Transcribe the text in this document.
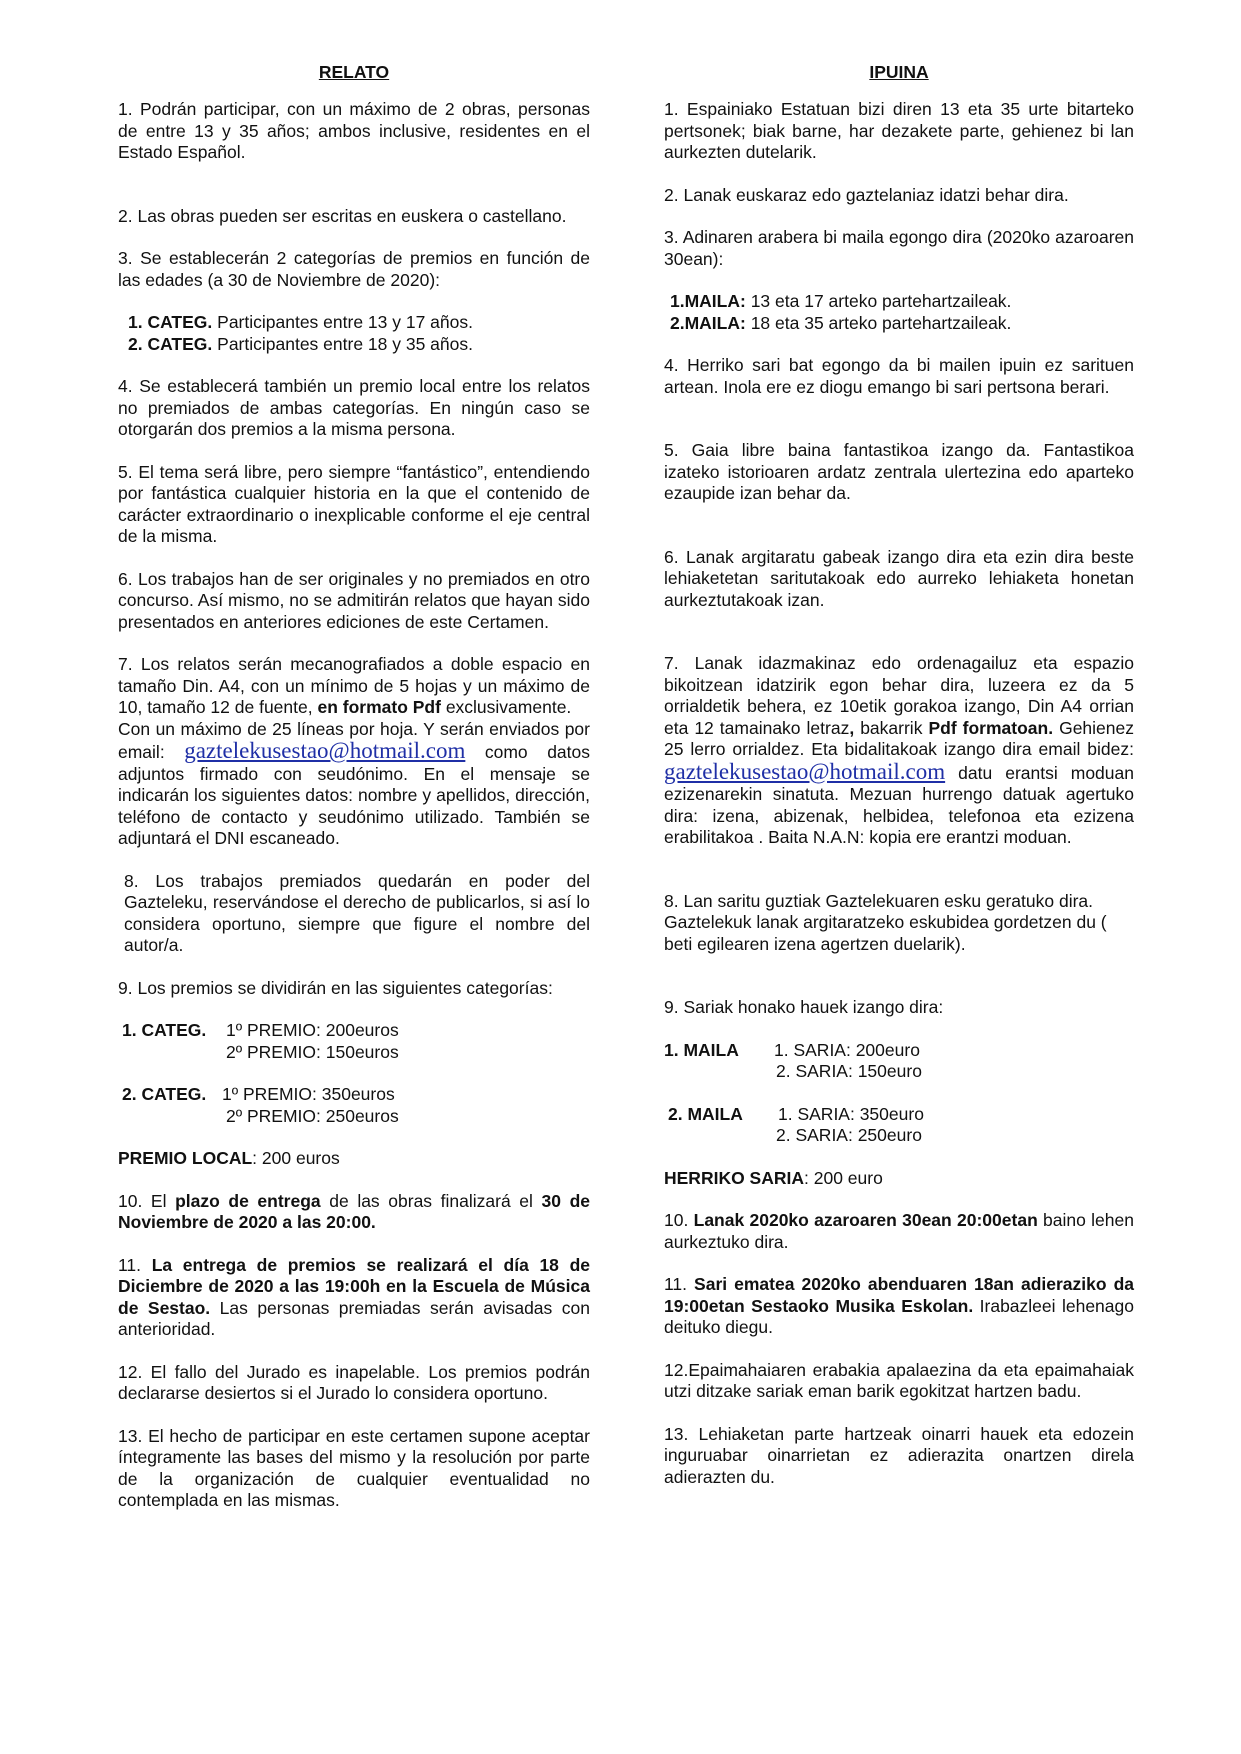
RELATO

1. Podrán participar, con un máximo de 2 obras, personas de entre 13 y 35 años; ambos inclusive, residentes en el Estado Español.

2. Las obras pueden ser escritas en euskera o castellano.

3. Se establecerán 2 categorías de premios en función de las edades (a 30 de Noviembre de 2020):

1. CATEG. Participantes entre 13 y 17 años.
2. CATEG. Participantes entre 18 y 35 años.

4. Se establecerá también un premio local entre los relatos no premiados de ambas categorías. En ningún caso se otorgarán dos premios a la misma persona.

5. El tema será libre, pero siempre “fantástico”, entendiendo por fantástica cualquier historia en la que el contenido de carácter extraordinario o inexplicable conforme el eje central de la misma.

6. Los trabajos han de ser originales y no premiados en otro concurso. Así mismo, no se admitirán relatos que hayan sido presentados en anteriores ediciones de este Certamen.

7. Los relatos serán mecanografiados a doble espacio en tamaño Din. A4, con un mínimo de 5 hojas y un máximo de 10, tamaño 12 de fuente, en formato Pdf exclusivamente.
Con un máximo de 25 líneas por hoja. Y serán enviados por email: gaztelekusestao@hotmail.com como datos adjuntos firmado con seudónimo. En el mensaje se indicarán los siguientes datos: nombre y apellidos, dirección, teléfono de contacto y seudónimo utilizado. También se adjuntará el DNI escaneado.

8. Los trabajos premiados quedarán en poder del Gazteleku, reservándose el derecho de publicarlos, si así lo considera oportuno, siempre que figure el nombre del autor/a.

9. Los premios se dividirán en las siguientes categorías:

1. CATEG.	1º PREMIO: 200euros
2º PREMIO: 150euros
2. CATEG. 1º PREMIO: 350euros
2º PREMIO: 250euros

PREMIO LOCAL: 200 euros

10. El plazo de entrega de las obras finalizará el 30 de Noviembre de 2020 a las 20:00.

11. La entrega de premios se realizará el día 18 de Diciembre de 2020 a las 19:00h en la Escuela de Música de Sestao. Las personas premiadas serán avisadas con anterioridad.

12. El fallo del Jurado es inapelable. Los premios podrán declararse desiertos si el Jurado lo considera oportuno.

13. El hecho de participar en este certamen supone aceptar íntegramente las bases del mismo y la resolución por parte de la organización de cualquier eventualidad no contemplada en las mismas.

IPUINA

1. Espainiako Estatuan bizi diren 13 eta 35 urte bitarteko pertsonek; biak barne, har dezakete parte, gehienez bi lan aurkezten dutelarik.

2. Lanak euskaraz edo gaztelaniaz idatzi behar dira.

3. Adinaren arabera bi maila egongo dira (2020ko azaroaren 30ean):

1.MAILA: 13 eta 17 arteko partehartzaileak.
2.MAILA: 18 eta 35 arteko partehartzaileak.

4. Herriko sari bat egongo da bi mailen ipuin ez sarituen artean. Inola ere ez diogu emango bi sari pertsona berari.

5. Gaia libre baina fantastikoa izango da. Fantastikoa izateko istorioaren ardatz zentrala ulertezina edo aparteko ezaupide izan behar da.

6. Lanak argitaratu gabeak izango dira eta ezin dira beste lehiaketetan saritutakoak edo aurreko lehiaketa honetan aurkeztutakoak izan.

7. Lanak idazmakinaz edo ordenagailuz eta espazio bikoitzean idatzirik egon behar dira, luzeera ez da 5 orrialdetik behera, ez 10etik gorakoa izango, Din A4 orrian eta 12 tamainako letraz, bakarrik Pdf formatoan. Gehienez 25 lerro orrialdez. Eta bidalitakoak izango dira email bidez: gaztelekusestao@hotmail.com datu erantsi moduan ezizenarekin sinatuta. Mezuan hurrengo datuak agertuko dira: izena, abizenak, helbidea, telefonoa eta ezizena erabilitakoa . Baita N.A.N: kopia ere erantzi moduan.

8. Lan saritu guztiak Gaztelekuaren esku geratuko dira. Gaztelekuk lanak argitaratzeko eskubidea gordetzen du ( beti egilearen izena agertzen duelarik).

9. Sariak honako hauek izango dira:

1. MAILA	1. SARIA: 200euro
2. SARIA: 150euro
2. MAILA	1. SARIA: 350euro
2. SARIA: 250euro

HERRIKO SARIA: 200 euro

10. Lanak 2020ko azaroaren 30ean 20:00etan baino lehen aurkeztuko dira.

11. Sari ematea 2020ko abenduaren 18an adieraziko da 19:00etan Sestaoko Musika Eskolan. Irabazleei lehenago deituko diegu.

12.Epaimahaiaren erabakia apalaezina da eta epaimahaiak utzi ditzake sariak eman barik egokitzat hartzen badu.

13. Lehiaketan parte hartzeak oinarri hauek eta edozein inguruabar oinarrietan ez adierazita onartzen direla adierazten du.
